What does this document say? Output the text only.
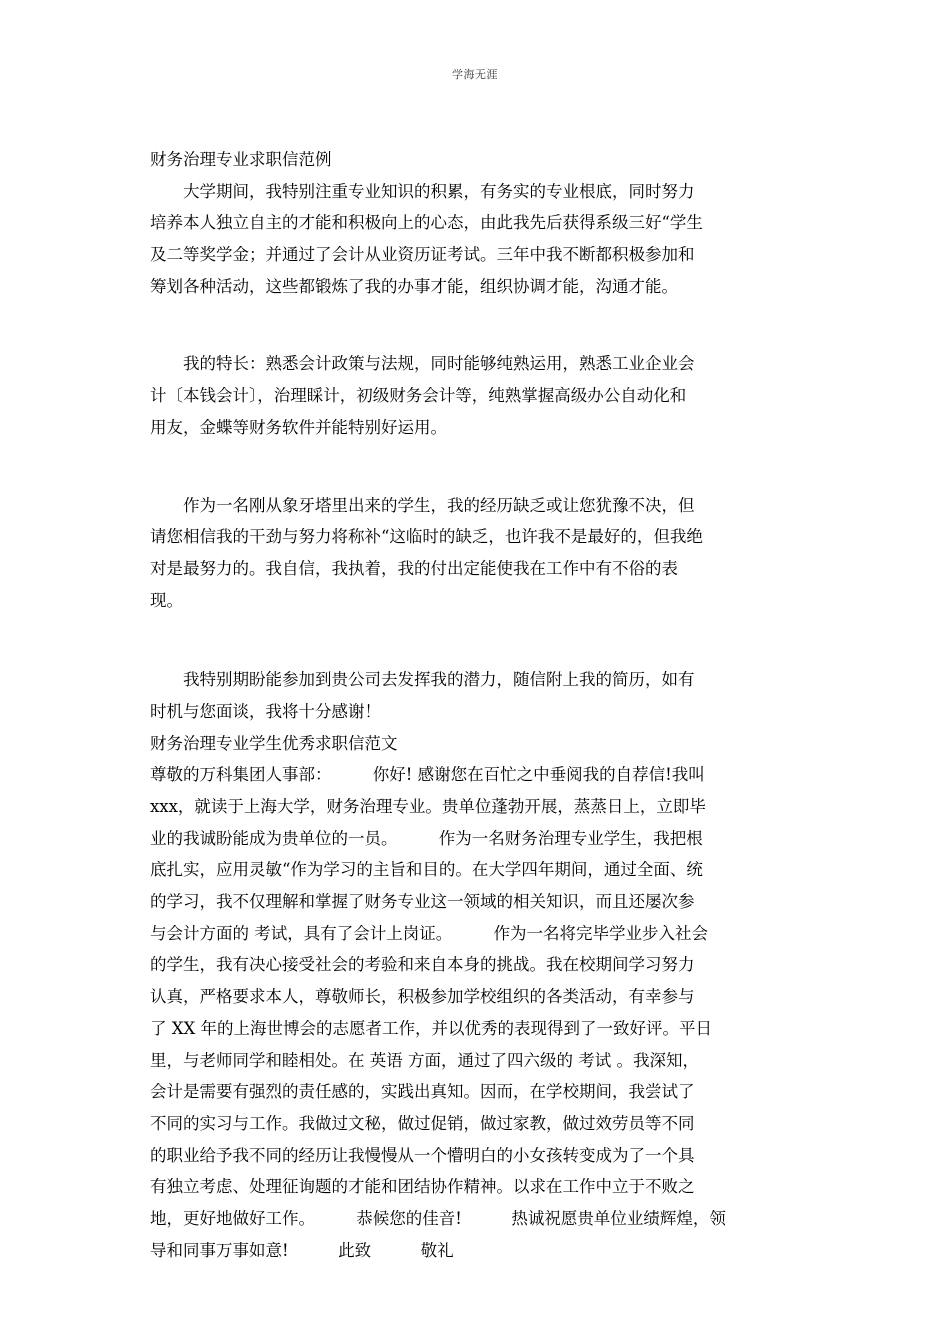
学海无涯
财务治理专业求职信范例
　　大学期间，我特别注重专业知识的积累，有务实的专业根底，同时努力
培养本人独立自主的才能和积极向上的心态，由此我先后获得系级三好“学生
及二等奖学金；并通过了会计从业资历证考试。三年中我不断都积极参加和
筹划各种活动，这些都锻炼了我的办事才能，组织协调才能，沟通才能。
　　我的特长：熟悉会计政策与法规，同时能够纯熟运用，熟悉工业企业会
计〔本钱会计〕，治理睬计，初级财务会计等，纯熟掌握高级办公自动化和
用友，金蝶等财务软件并能特别好运用。
　　作为一名刚从象牙塔里出来的学生，我的经历缺乏或让您犹豫不决，但
请您相信我的干劲与努力将称补“这临时的缺乏，也许我不是最好的，但我绝
对是最努力的。我自信，我执着，我的付出定能使我在工作中有不俗的表
现。
　　我特别期盼能参加到贵公司去发挥我的潜力，随信附上我的简历，如有
时机与您面谈，我将十分感谢！
财务治理专业学生优秀求职信范文
尊敬的万科集团人事部：　　　你好! 感谢您在百忙之中垂阅我的自荐信!我叫
xxx，就读于上海大学，财务治理专业。贵单位蓬勃开展，蒸蒸日上，立即毕
业的我诚盼能成为贵单位的一员。　　　作为一名财务治理专业学生，我把根
底扎实，应用灵敏“作为学习的主旨和目的。在大学四年期间，通过全面、统
的学习，我不仅理解和掌握了财务专业这一领域的相关知识，而且还屡次参
与会计方面的 考试，具有了会计上岗证。　　　作为一名将完毕学业步入社会
的学生，我有决心接受社会的考验和来自本身的挑战。我在校期间学习努力
认真，严格要求本人，尊敬师长，积极参加学校组织的各类活动，有幸参与
了 XX 年的上海世博会的志愿者工作，并以优秀的表现得到了一致好评。平日
里，与老师同学和睦相处。在 英语 方面，通过了四六级的 考试 。我深知，
会计是需要有强烈的责任感的，实践出真知。因而，在学校期间，我尝试了
不同的实习与工作。我做过文秘，做过促销，做过家教，做过效劳员等不同
的职业给予我不同的经历让我慢慢从一个懵明白的小女孩转变成为了一个具
有独立考虑、处理征询题的才能和团结协作精神。以求在工作中立于不败之
地，更好地做好工作。　　　恭候您的佳音!　　　热诚祝愿贵单位业绩辉煌，领
导和同事万事如意!　　　此致　　　敬礼
